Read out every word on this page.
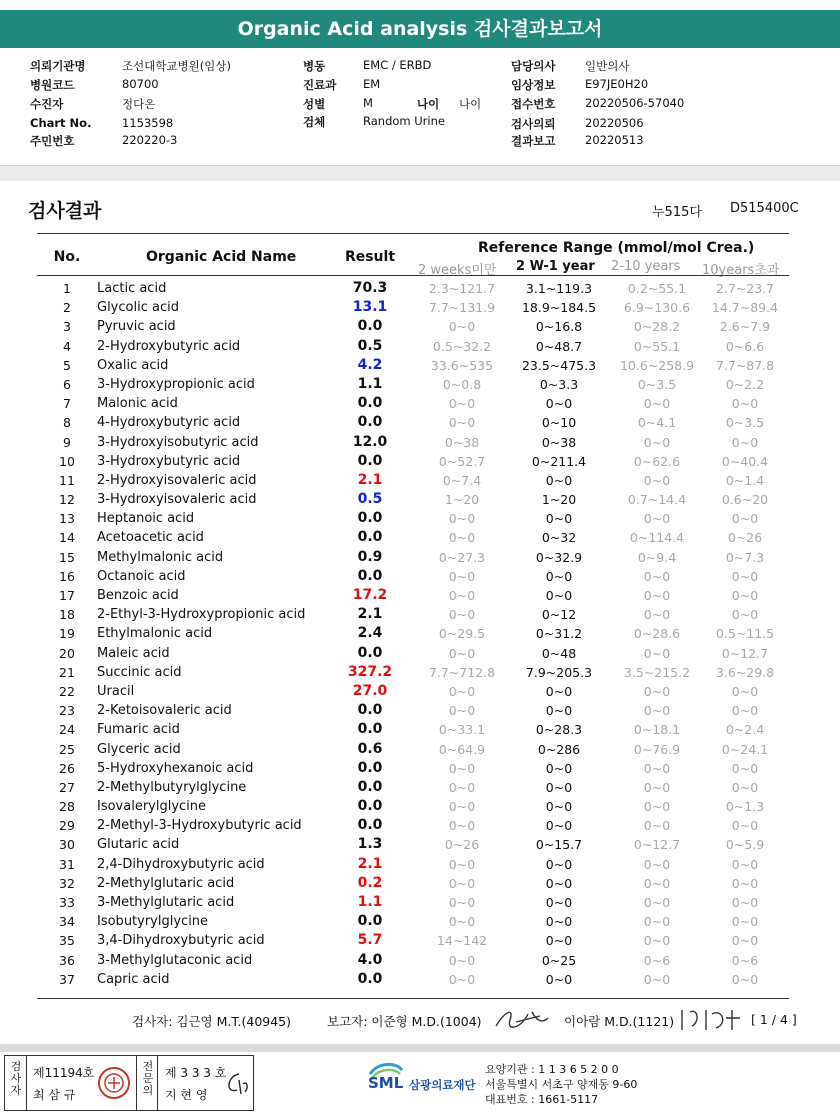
Organic Acid analysis 검사결과보고서
의뢰기관명	조선대학교병원(임상)
병원코드	80700
수진자	정다온
Chart No.	1153598
주민번호	220220-3
병동	EMC / ERBD
진료과 EM
성별	M	나이 나이
검체	Random Urine
담당의사	일반의사
임상정보	E97JE0H20
접수번호	20220506-57040
검사의뢰	20220506
결과보고	20220513
검사결과	누515다 D515400C
No.	Organic Acid Name	Result
Reference Range (mmol/mol Crea.)
2 weeks미만 2 W-1 year 2-10 years 10years초과
1	Lactic acid	70.3	2.3~121.7	3.1~119.3	0.2~55.1	2.7~23.7
2	Glycolic acid	13.1	7.7~131.9	18.9~184.5	6.9~130.6	14.7~89.4
3	Pyruvic acid	0.0	0~0	0~16.8	0~28.2	2.6~7.9
4	2-Hydroxybutyric acid	0.5	0.5~32.2	0~48.7	0~55.1	0~6.6
5	Oxalic acid	4.2	33.6~535	23.5~475.3	10.6~258.9	7.7~87.8
6	3-Hydroxypropionic acid	1.1	0~0.8	0~3.3	0~3.5	0~2.2
7	Malonic acid	0.0	0~0	0~0	0~0	0~0
8	4-Hydroxybutyric acid	0.0	0~0	0~10	0~4.1	0~3.5
9	3-Hydroxyisobutyric acid	12.0	0~38	0~38	0~0	0~0
10	3-Hydroxybutyric acid	0.0	0~52.7	0~211.4	0~62.6	0~40.4
11	2-Hydroxyisovaleric acid	2.1	0~7.4	0~0	0~0	0~1.4
12	3-Hydroxyisovaleric acid	0.5	1~20	1~20	0.7~14.4	0.6~20
13	Heptanoic acid	0.0	0~0	0~0	0~0	0~0
14	Acetoacetic acid	0.0	0~0	0~32	0~114.4	0~26
15	Methylmalonic acid	0.9	0~27.3	0~32.9	0~9.4	0~7.3
16	Octanoic acid	0.0	0~0	0~0	0~0	0~0
17	Benzoic acid	17.2	0~0	0~0	0~0	0~0
18	2-Ethyl-3-Hydroxypropionic acid	2.1	0~0	0~12	0~0	0~0
19	Ethylmalonic acid	2.4	0~29.5	0~31.2	0~28.6	0.5~11.5
20	Maleic acid	0.0	0~0	0~48	0~0	0~12.7
21	Succinic acid	327.2	7.7~712.8	7.9~205.3	3.5~215.2	3.6~29.8
22	Uracil	27.0	0~0	0~0	0~0	0~0
23	2-Ketoisovaleric acid	0.0	0~0	0~0	0~0	0~0
24	Fumaric acid	0.0	0~33.1	0~28.3	0~18.1	0~2.4
25	Glyceric acid	0.6	0~64.9	0~286	0~76.9	0~24.1
26	5-Hydroxyhexanoic acid	0.0	0~0	0~0	0~0	0~0
27	2-Methylbutyrylglycine	0.0	0~0	0~0	0~0	0~0
28	Isovalerylglycine	0.0	0~0	0~0	0~0	0~1.3
29	2-Methyl-3-Hydroxybutyric acid	0.0	0~0	0~0	0~0	0~0
30	Glutaric acid	1.3	0~26	0~15.7	0~12.7	0~5.9
31	2,4-Dihydroxybutyric acid	2.1	0~0	0~0	0~0	0~0
32	2-Methylglutaric acid	0.2	0~0	0~0	0~0	0~0
33	3-Methylglutaric acid	1.1	0~0	0~0	0~0	0~0
34	Isobutyrylglycine	0.0	0~0	0~0	0~0	0~0
35	3,4-Dihydroxybutyric acid	5.7	14~142	0~0	0~0	0~0
36	3-Methylglutaconic acid	4.0	0~0	0~25	0~6	0~6
37	Capric acid	0.0	0~0	0~0	0~0	0~0
검사자: 김근영 M.T.(40945)	보고자: 이준형 M.D.(1004)	이아람 M.D.(1121)	[ 1 / 4 ]
검
사
자
제11194호
최 삼 규
전
문
의
제 3 3 3 호
지 현 영
SML 삼광의료재단
요양기관 : 1 1 3 6 5 2 0 0
서울특별시 서초구 양재동 9-60
대표번호 : 1661-5117
